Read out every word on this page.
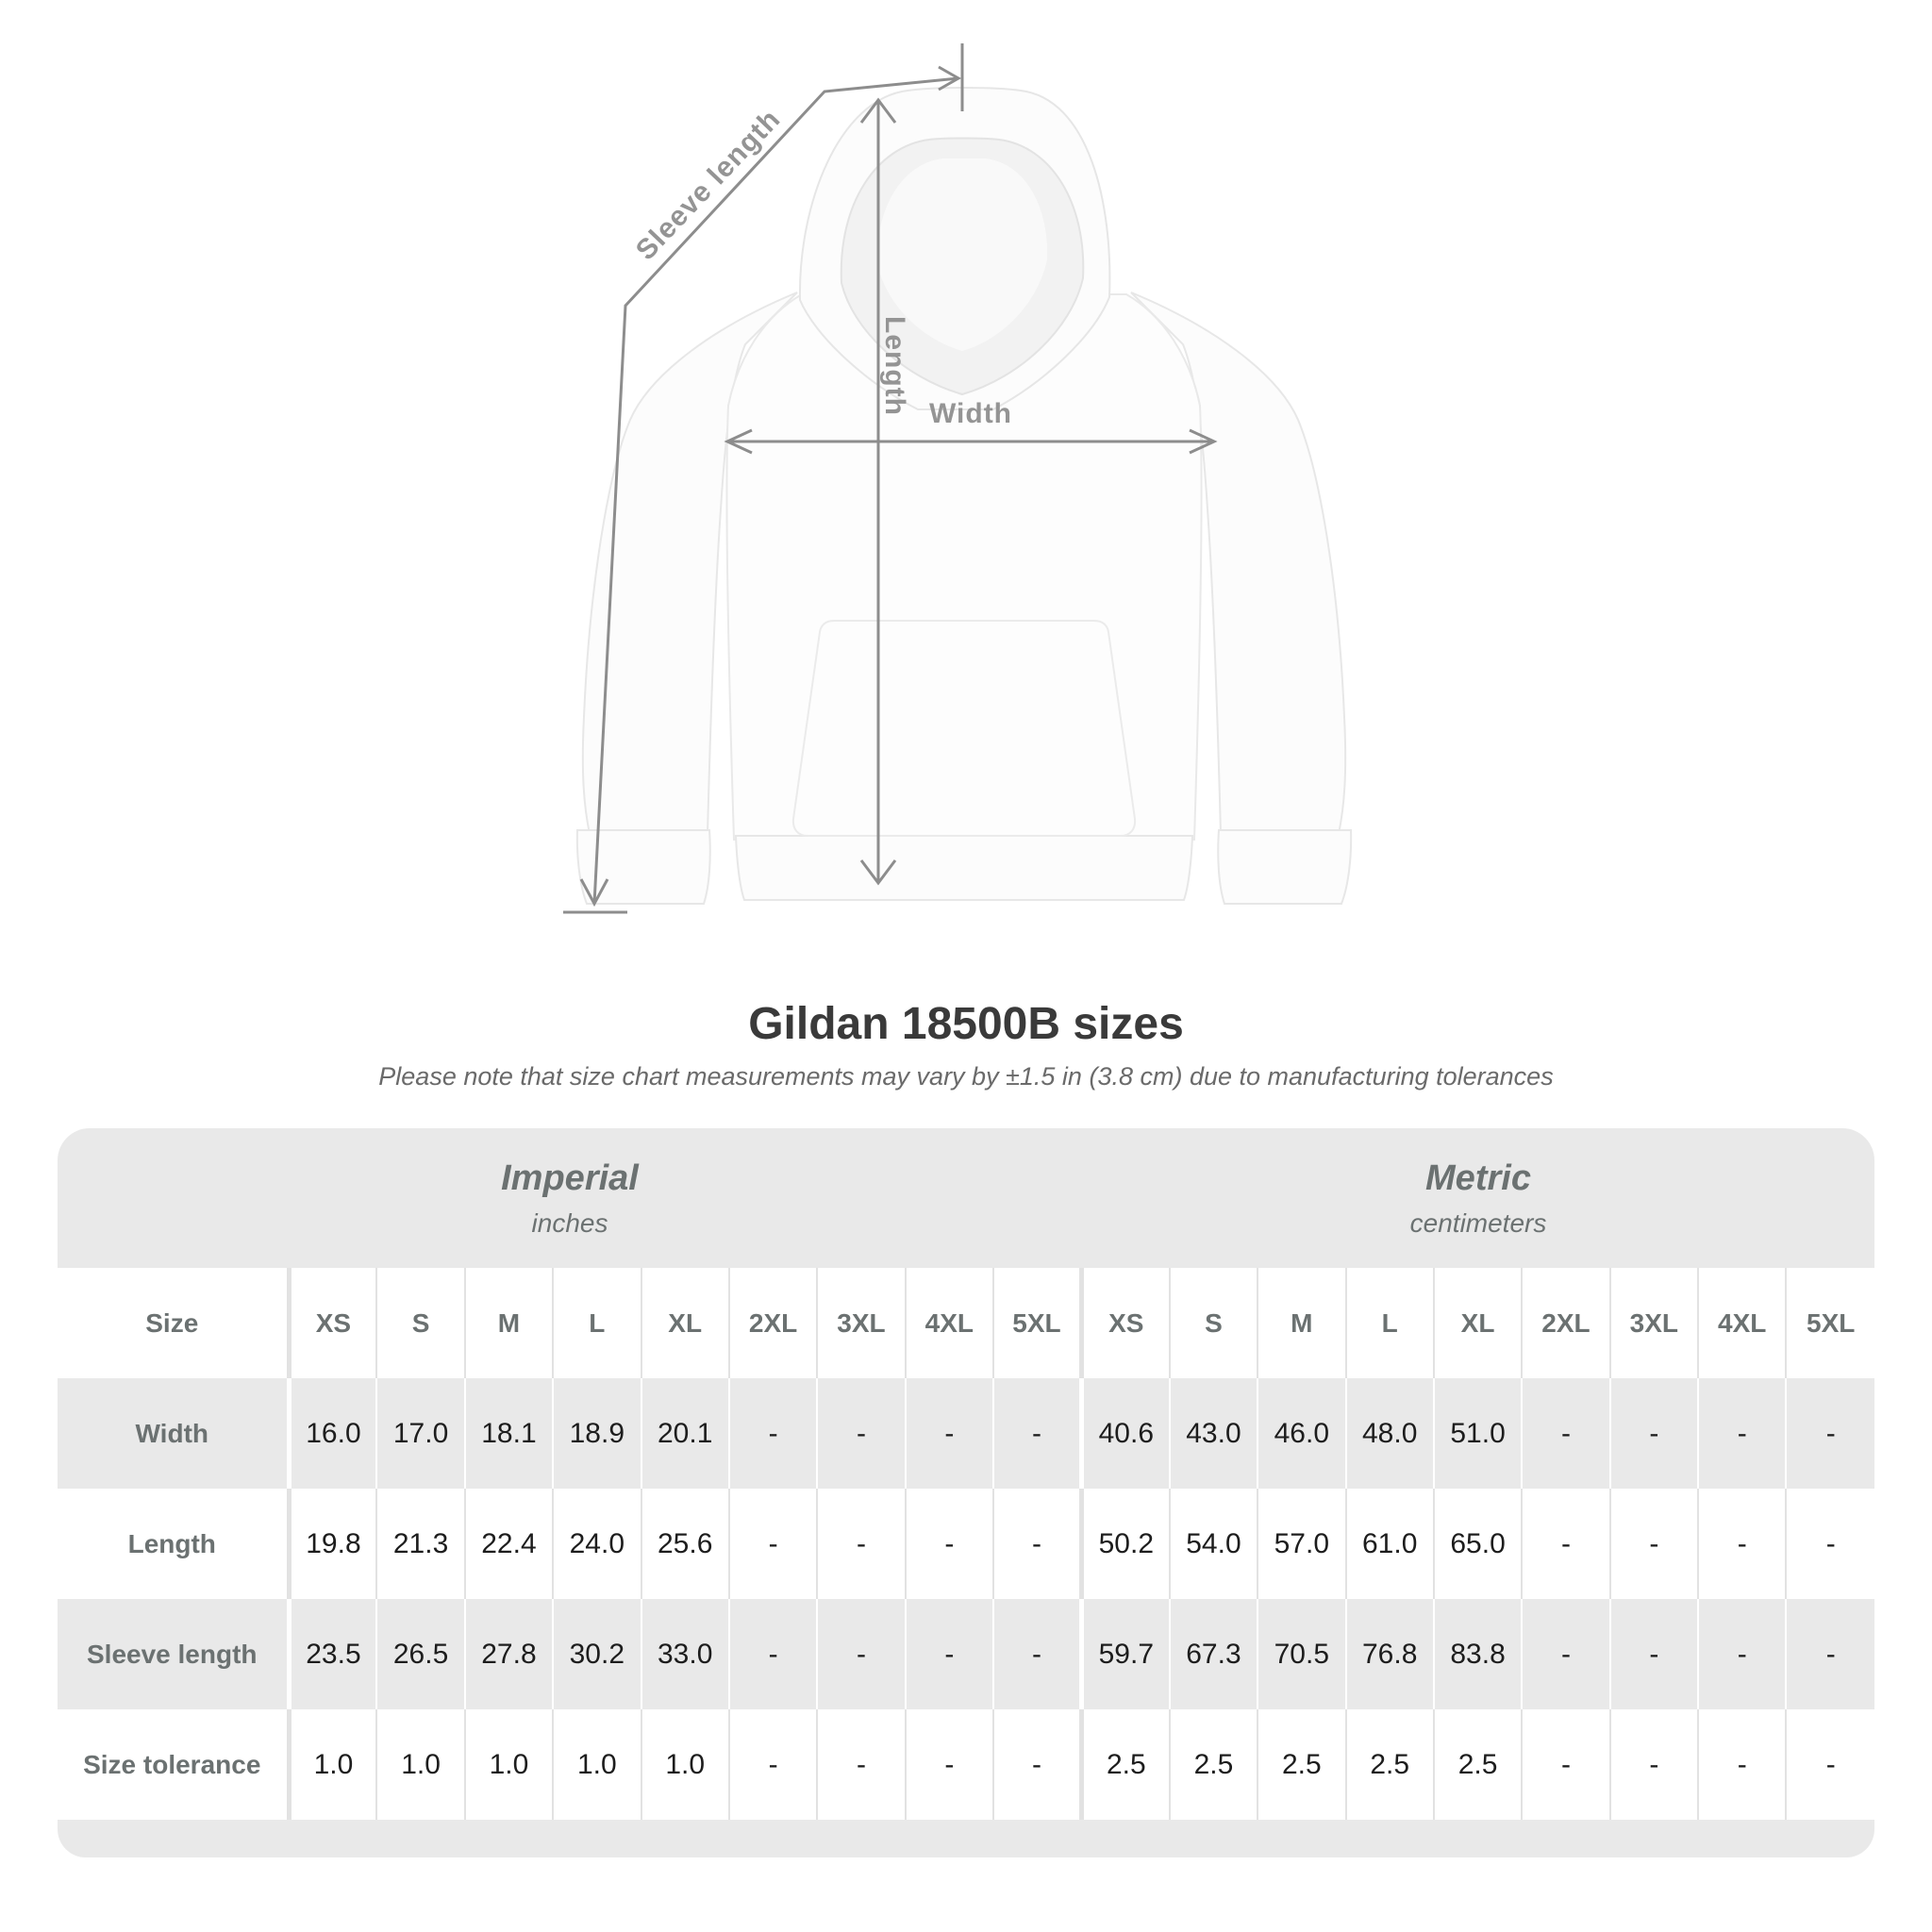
Sleeve length
Length Width
Gildan 18500B sizes
Please note that size chart measurements may vary by ±1.5 in (3.8 cm) due to manufacturing tolerances
Imperial
inches
Metric
centimeters
Size	XS	S	M	L	XL	2XL	3XL	4XL	5XL	XS	S	M	L	XL	2XL	3XL	4XL	5XL
Width	16.0	17.0	18.1	18.9	20.1	-	-	-	-	40.6	43.0	46.0	48.0	51.0	-	-	-	-
Length	19.8	21.3	22.4	24.0	25.6	-	-	-	-	50.2	54.0	57.0	61.0	65.0	-	-	-	-
Sleeve length	23.5	26.5	27.8	30.2	33.0	-	-	-	-	59.7	67.3	70.5	76.8	83.8	-	-	-	-
Size tolerance	1.0	1.0	1.0	1.0	1.0	-	-	-	-	2.5	2.5	2.5	2.5	2.5	-	-	-	-
